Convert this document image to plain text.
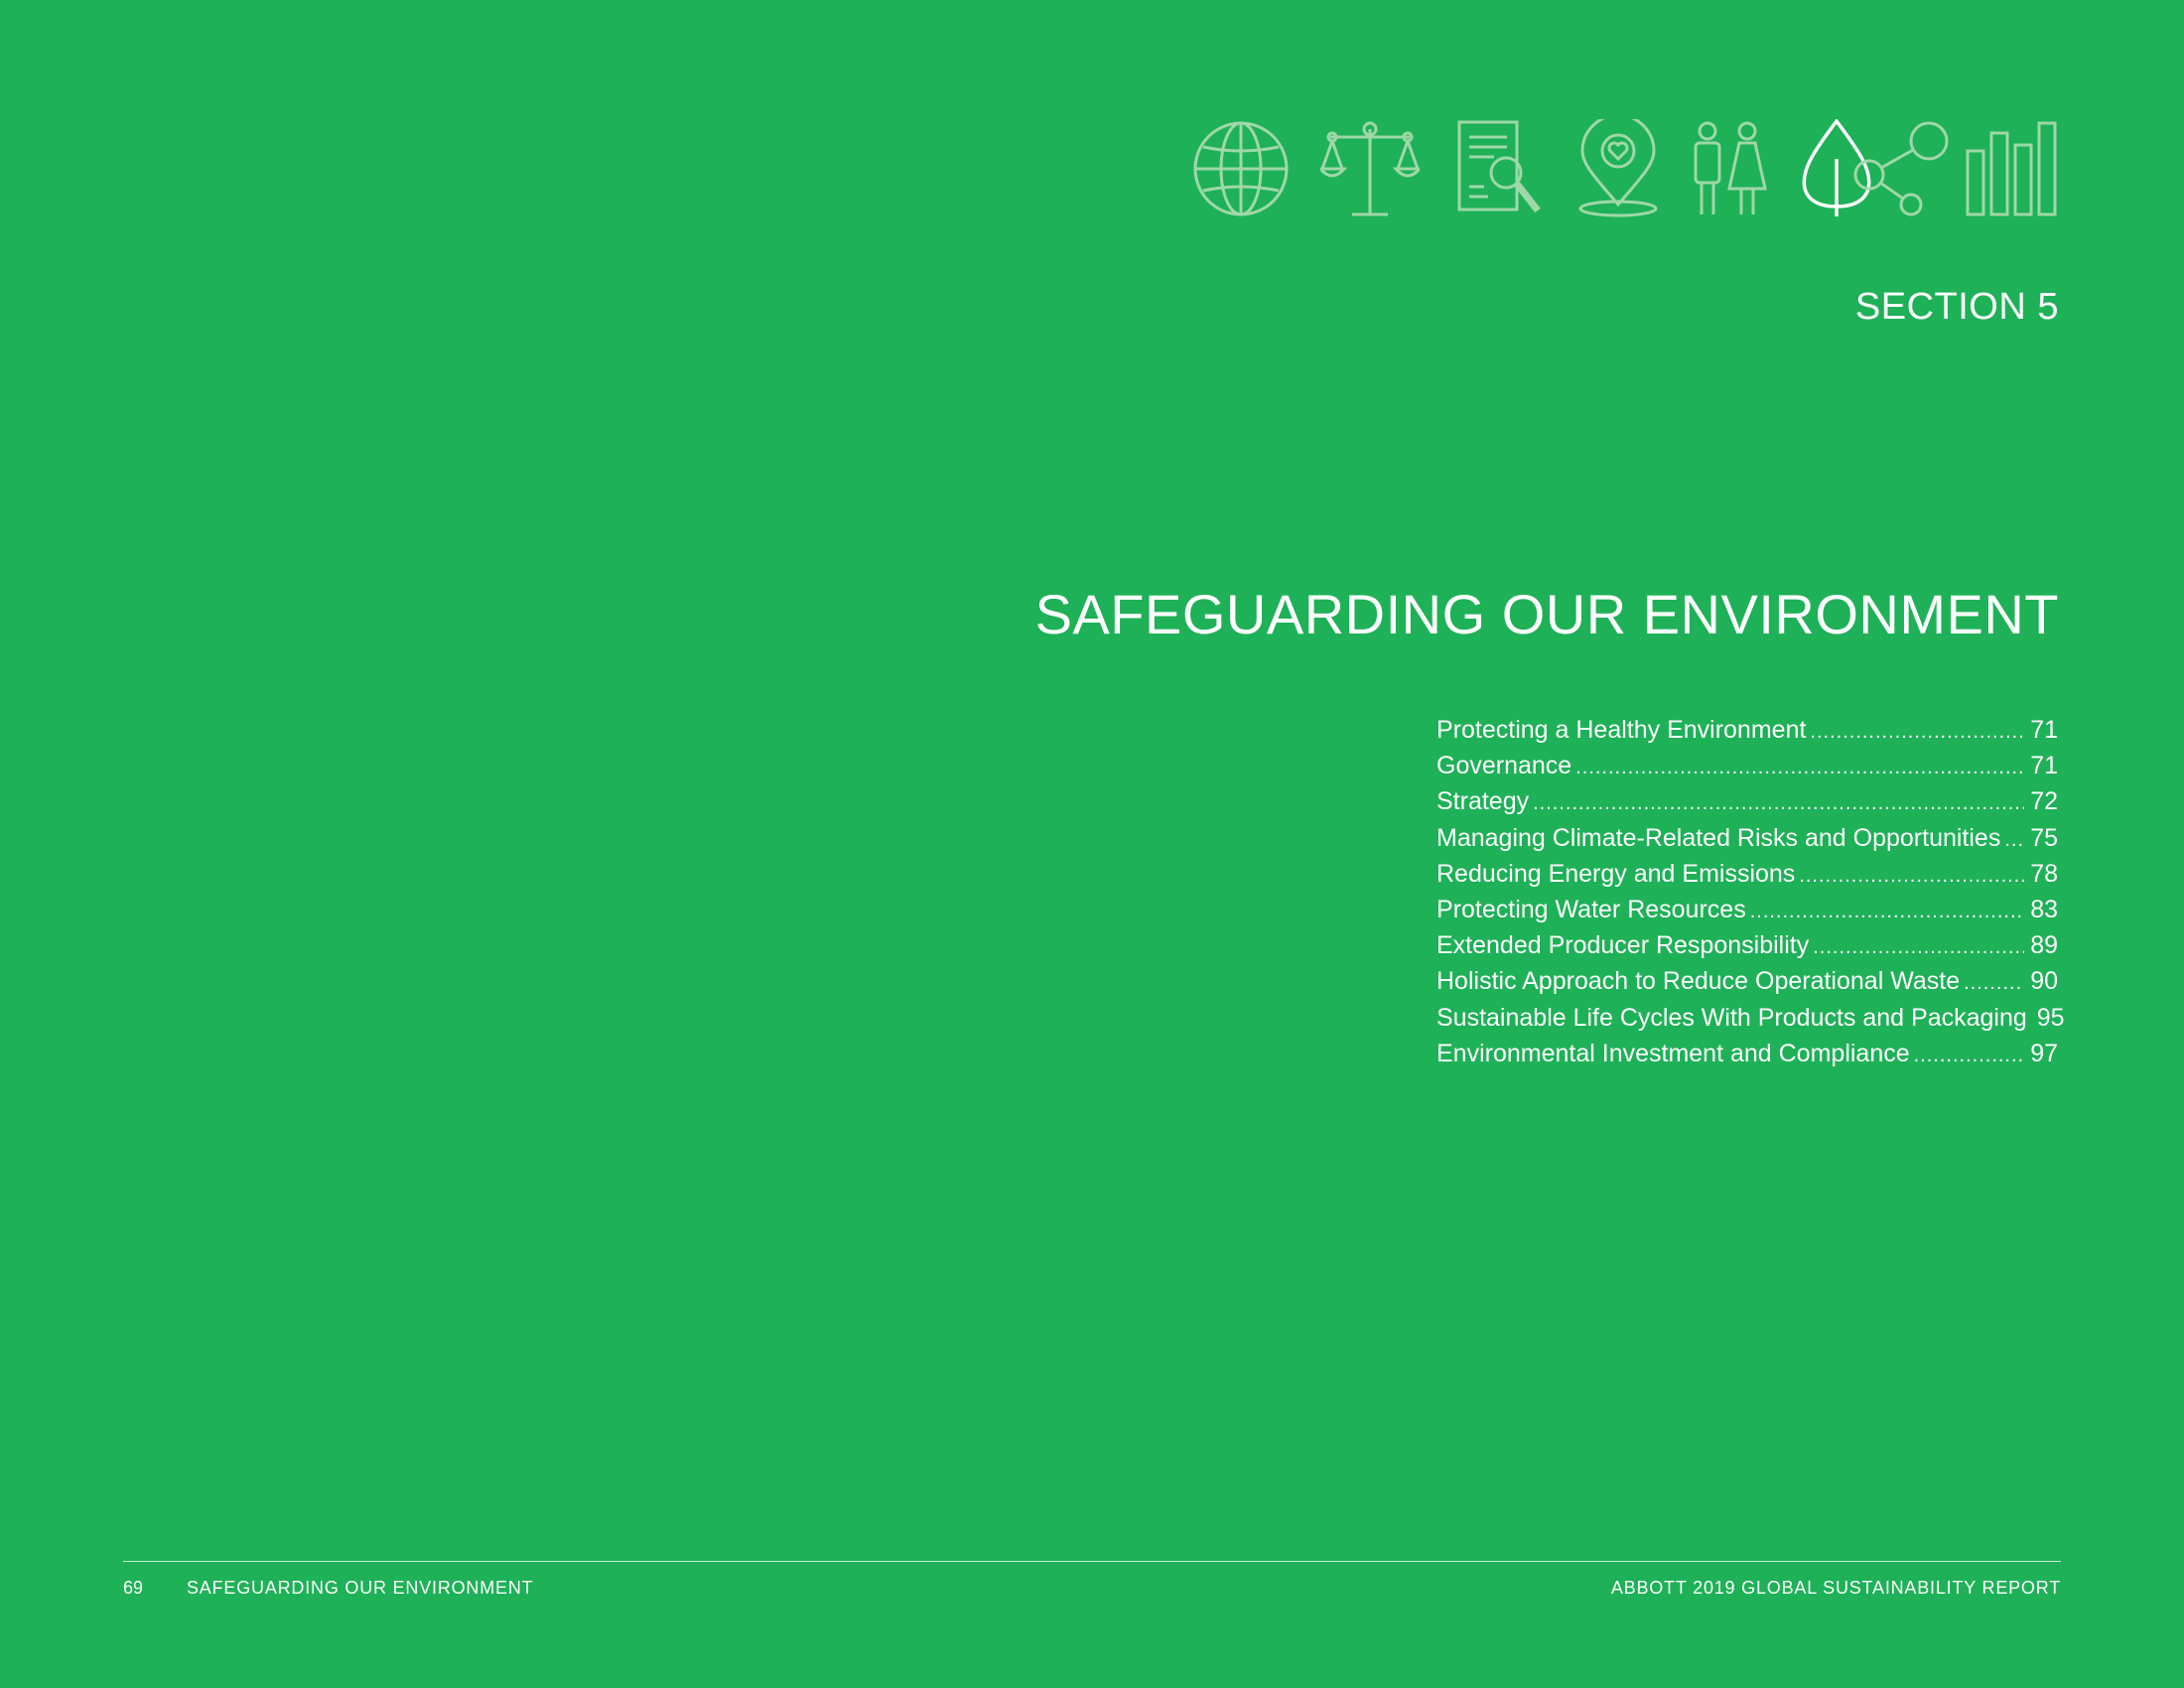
SECTION 5
SAFEGUARDING OUR ENVIRONMENT
Protecting a Healthy Environment .....	71
Governance .....	71
Strategy .....	72
Managing Climate-Related Risks and Opportunities ..... 75
Reducing Energy and Emissions .....	78
Protecting Water Resources .....	83
Extended Producer Responsibility .....	89
Holistic Approach to Reduce Operational Waste .....	90
Sustainable Life Cycles With Products and Packaging 95
Environmental Investment and Compliance .....	97
69 SAFEGUARDING OUR ENVIRONMENT	ABBOTT 2019 GLOBAL SUSTAINABILITY REPORT
